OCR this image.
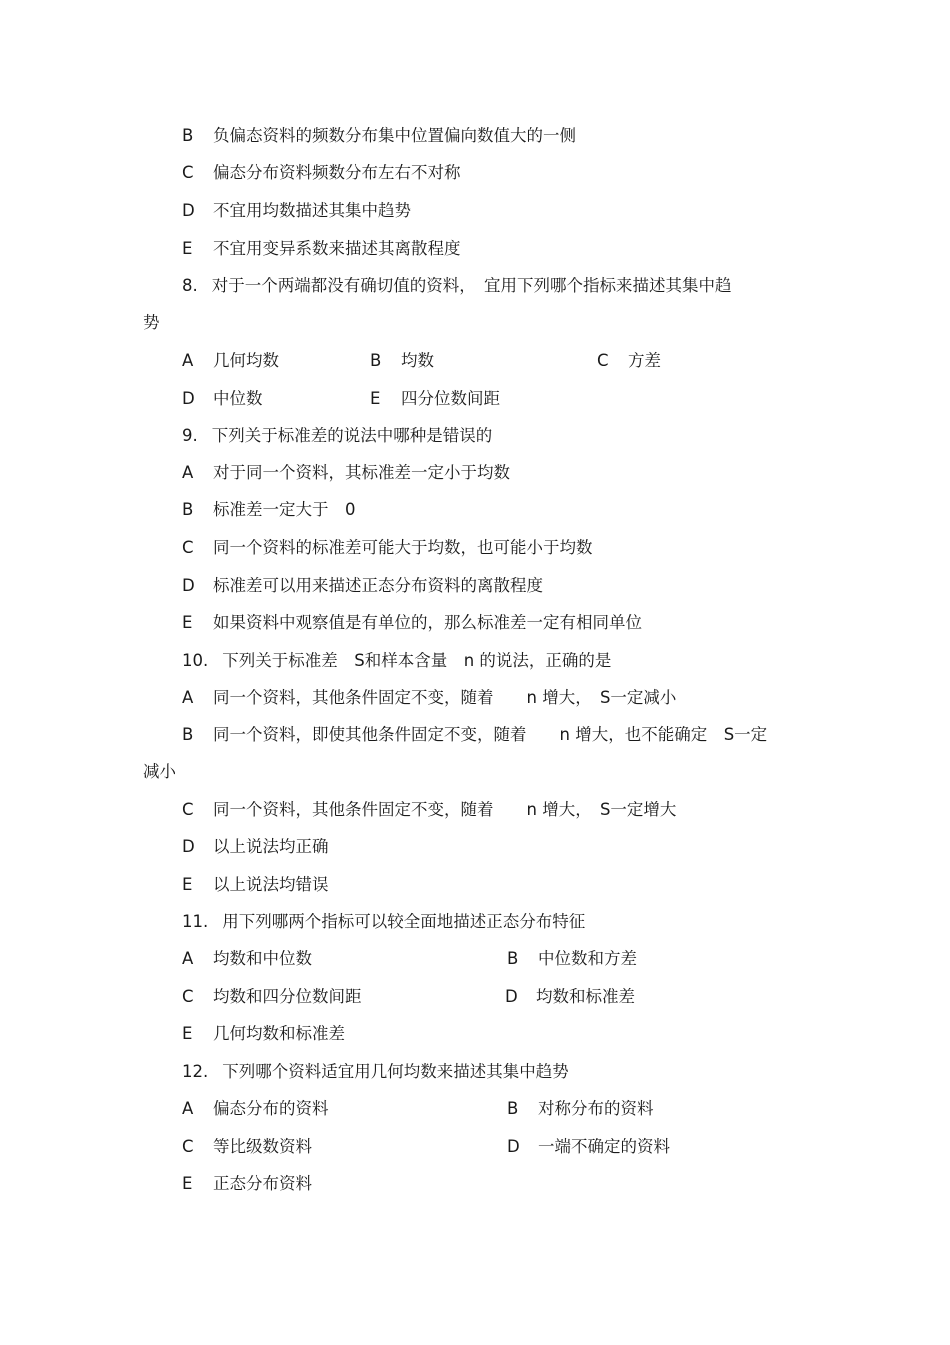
B 负偏态资料的频数分布集中位置偏向数值大的一侧
C 偏态分布资料频数分布左右不对称
D 不宜用均数描述其集中趋势
E 不宜用变异系数来描述其离散程度
8. 对于一个两端都没有确切值的资料，　宜用下列哪个指标来描述其集中趋
势
A 几何均数	B 均数	C 方差
D 中位数	E 四分位数间距
9. 下列关于标准差的说法中哪种是错误的
A 对于同一个资料，其标准差一定小于均数
B 标准差一定大于　0
C 同一个资料的标准差可能大于均数，也可能小于均数
D 标准差可以用来描述正态分布资料的离散程度
E 如果资料中观察值是有单位的，那么标准差一定有相同单位
10. 下列关于标准差　S和样本含量　n 的说法，正确的是
A 同一个资料，其他条件固定不变，随着　　n 增大，　S一定减小
B 同一个资料，即使其他条件固定不变，随着　　n 增大，也不能确定　S一定
减小
C 同一个资料，其他条件固定不变，随着　　n 增大，　S一定增大
D 以上说法均正确
E 以上说法均错误
11. 用下列哪两个指标可以较全面地描述正态分布特征
A 均数和中位数	B 中位数和方差
C 均数和四分位数间距	D 均数和标准差
E 几何均数和标准差
12. 下列哪个资料适宜用几何均数来描述其集中趋势
A 偏态分布的资料	B 对称分布的资料
C 等比级数资料	D 一端不确定的资料
E 正态分布资料
